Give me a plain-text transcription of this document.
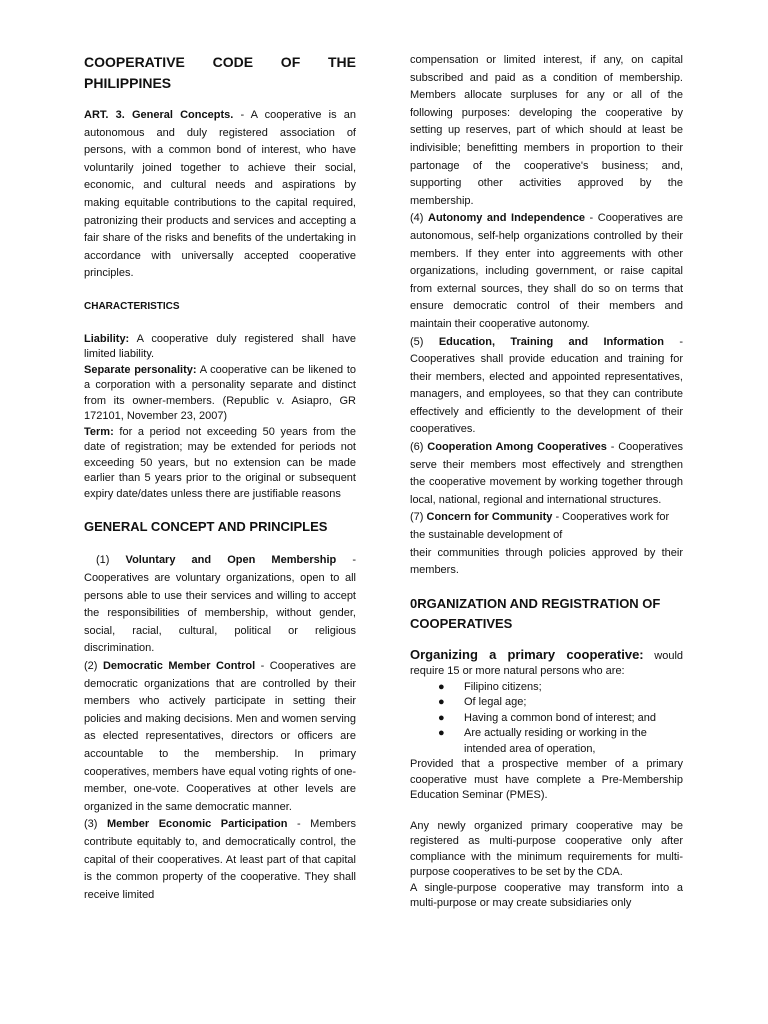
COOPERATIVE CODE OF THE PHILIPPINES

ART. 3. General Concepts. - A cooperative is an autonomous and duly registered association of persons, with a common bond of interest, who have voluntarily joined together to achieve their social, economic, and cultural needs and aspirations by making equitable contributions to the capital required, patronizing their products and services and accepting a fair share of the risks and benefits of the undertaking in accordance with universally accepted cooperative principles.

CHARACTERISTICS

Liability: A cooperative duly registered shall have limited liability.

Separate personality: A cooperative can be likened to a corporation with a personality separate and distinct from its owner-members. (Republic v. Asiapro, GR 172101, November 23, 2007)

Term: for a period not exceeding 50 years from the date of registration; may be extended for periods not exceeding 50 years, but no extension can be made earlier than 5 years prior to the original or subsequent expiry date/dates unless there are justifiable reasons

GENERAL CONCEPT AND PRINCIPLES

(1) Voluntary and Open Membership - Cooperatives are voluntary organizations, open to all persons able to use their services and willing to accept the responsibilities of membership, without gender, social, racial, cultural, political or religious discrimination.

(2) Democratic Member Control - Cooperatives are democratic organizations that are controlled by their members who actively participate in setting their policies and making decisions. Men and women serving as elected representatives, directors or officers are accountable to the membership. In primary cooperatives, members have equal voting rights of one-member, one-vote. Cooperatives at other levels are organized in the same democratic manner.

(3) Member Economic Participation - Members contribute equitably to, and democratically control, the capital of their cooperatives. At least part of that capital is the common property of the cooperative. They shall receive limited

compensation or limited interest, if any, on capital subscribed and paid as a condition of membership. Members allocate surpluses for any or all of the following purposes: developing the cooperative by setting up reserves, part of which should at least be indivisible; benefitting members in proportion to their partonage of the cooperative's business; and, supporting other activities approved by the membership.

(4) Autonomy and Independence - Cooperatives are autonomous, self-help organizations controlled by their members. If they enter into aggreements with other organizations, including government, or raise capital from external sources, they shall do so on terms that ensure democratic control of their members and maintain their cooperative autonomy.

(5) Education, Training and Information - Cooperatives shall provide education and training for their members, elected and appointed representatives, managers, and employees, so that they can contribute effectively and efficiently to the development of their cooperatives.

(6) Cooperation Among Cooperatives - Cooperatives serve their members most effectively and strengthen the cooperative movement by working together through local, national, regional and international structures.

(7) Concern for Community - Cooperatives work for the sustainable development of

their communities through policies approved by their members.

0RGANIZATION AND REGISTRATION OF COOPERATIVES

Organizing a primary cooperative: would require 15 or more natural persons who are:

● Filipino citizens;
● Of legal age;
● Having a common bond of interest; and
● Are actually residing or working in the intended area of operation,

Provided that a prospective member of a primary cooperative must have complete a Pre-Membership Education Seminar (PMES).

Any newly organized primary cooperative may be registered as multi-purpose cooperative only after compliance with the minimum requirements for multi- purpose cooperatives to be set by the CDA.

A single-purpose cooperative may transform into a multi-purpose or may create subsidiaries only
